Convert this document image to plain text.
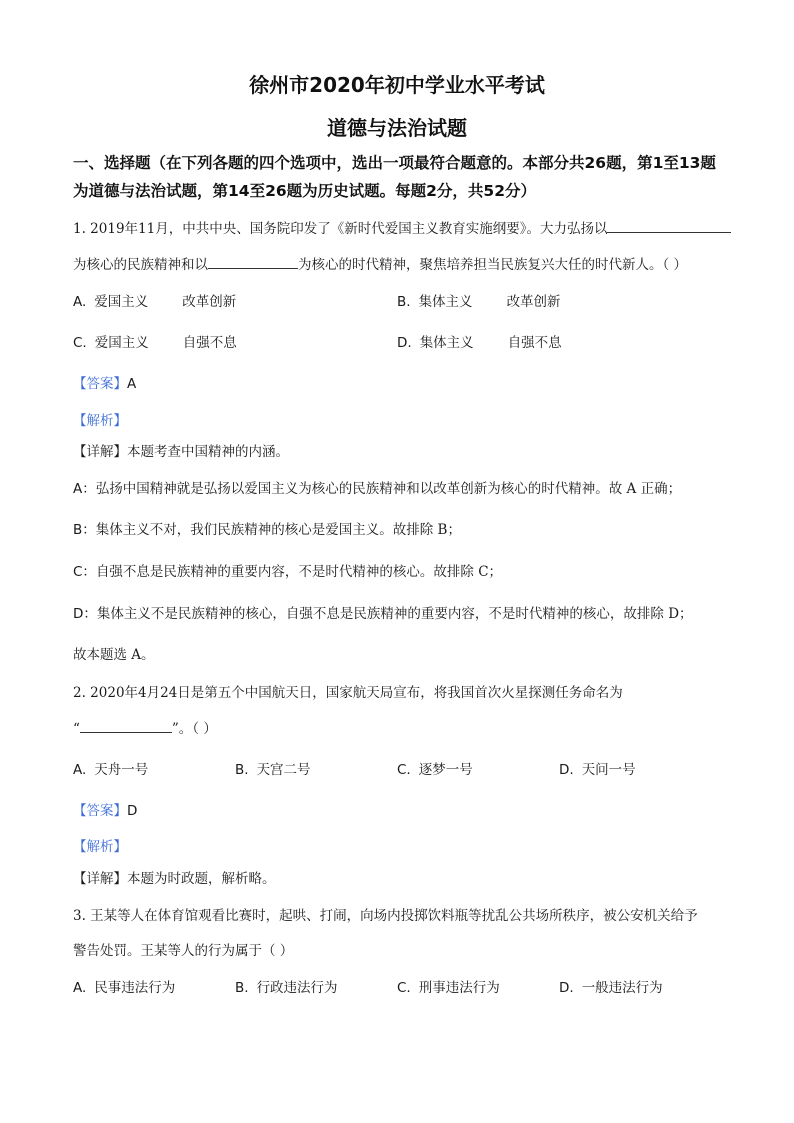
徐州市2020年初中学业水平考试
道德与法治试题
一、选择题（在下列各题的四个选项中，选出一项最符合题意的。本部分共26题，第1至13题为道德与法治试题，第14至26题为历史试题。每题2分，共52分）
1. 2019年11月，中共中央、国务院印发了《新时代爱国主义教育实施纲要》。大力弘扬以
为核心的民族精神和以	为核心的时代精神，聚焦培养担当民族复兴大任的时代新人。（ ）
A. 爱国主义	改革创新	B. 集体主义	改革创新
C. 爱国主义	自强不息	D. 集体主义	自强不息
【答案】A
【解析】
【详解】本题考查中国精神的内涵。
A：弘扬中国精神就是弘扬以爱国主义为核心的民族精神和以改革创新为核心的时代精神。故 A 正确；
B：集体主义不对，我们民族精神的核心是爱国主义。故排除 B；
C：自强不息是民族精神的重要内容，不是时代精神的核心。故排除 C；
D：集体主义不是民族精神的核心，自强不息是民族精神的重要内容，不是时代精神的核心，故排除 D；
故本题选 A。
2. 2020年4月24日是第五个中国航天日，国家航天局宣布，将我国首次火星探测任务命名为
“	”。（ ）
A. 天舟一号	B. 天宫二号	C. 逐梦一号	D. 天问一号
【答案】D
【解析】
【详解】本题为时政题，解析略。
3. 王某等人在体育馆观看比赛时，起哄、打闹，向场内投掷饮料瓶等扰乱公共场所秩序，被公安机关给予
警告处罚。王某等人的行为属于（ ）
A. 民事违法行为	B. 行政违法行为	C. 刑事违法行为	D. 一般违法行为
